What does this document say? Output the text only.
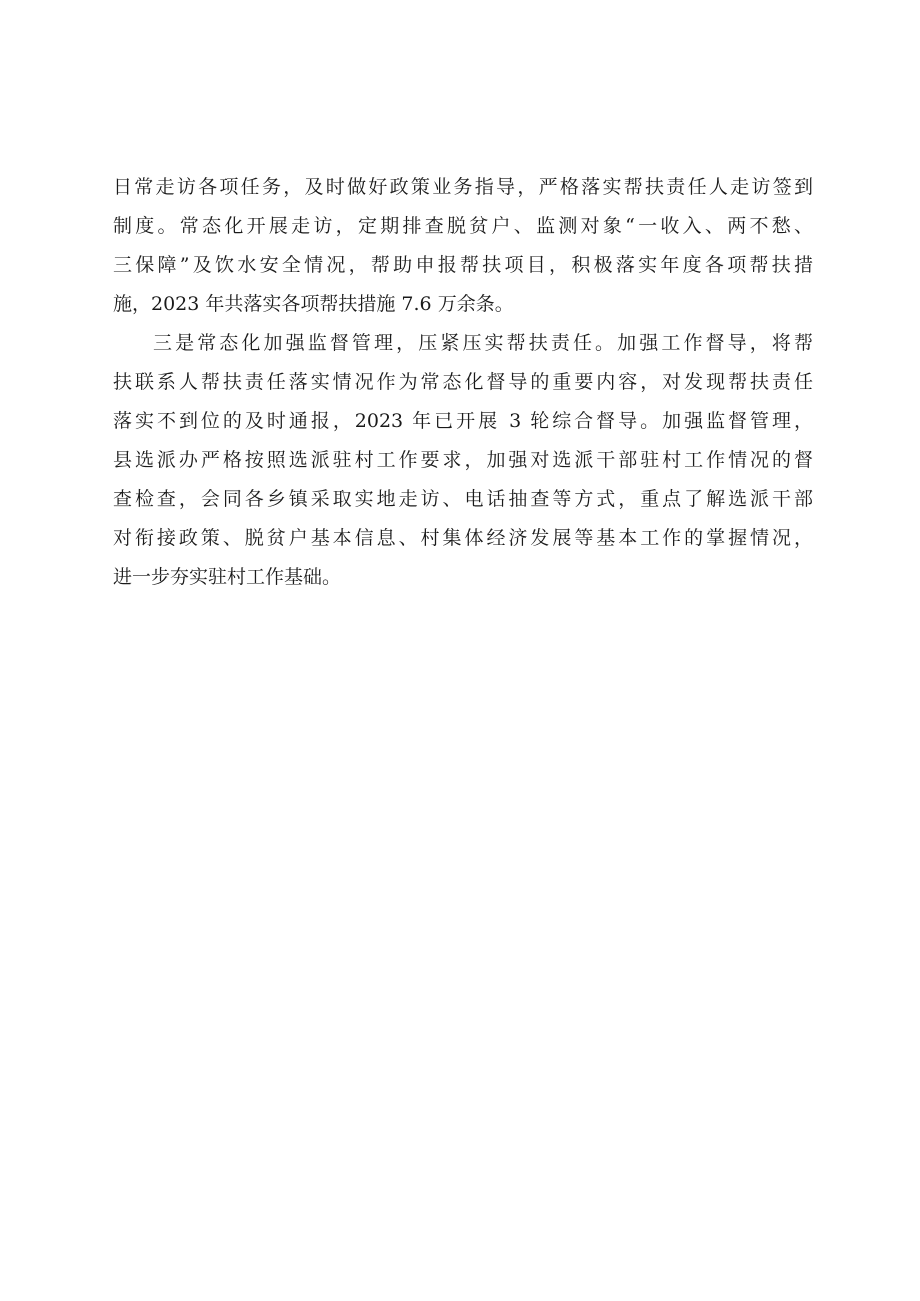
日常走访各项任务，及时做好政策业务指导，严格落实帮扶责任人走访签到
制度。常态化开展走访，定期排查脱贫户、监测对象“一收入、两不愁、
三保障”及饮水安全情况，帮助申报帮扶项目，积极落实年度各项帮扶措
施，2023 年共落实各项帮扶措施 7.6 万余条。
三是常态化加强监督管理，压紧压实帮扶责任。加强工作督导，将帮
扶联系人帮扶责任落实情况作为常态化督导的重要内容，对发现帮扶责任
落实不到位的及时通报，2023 年已开展 3 轮综合督导。加强监督管理，
县选派办严格按照选派驻村工作要求，加强对选派干部驻村工作情况的督
查检查，会同各乡镇采取实地走访、电话抽查等方式，重点了解选派干部
对衔接政策、脱贫户基本信息、村集体经济发展等基本工作的掌握情况，
进一步夯实驻村工作基础。
